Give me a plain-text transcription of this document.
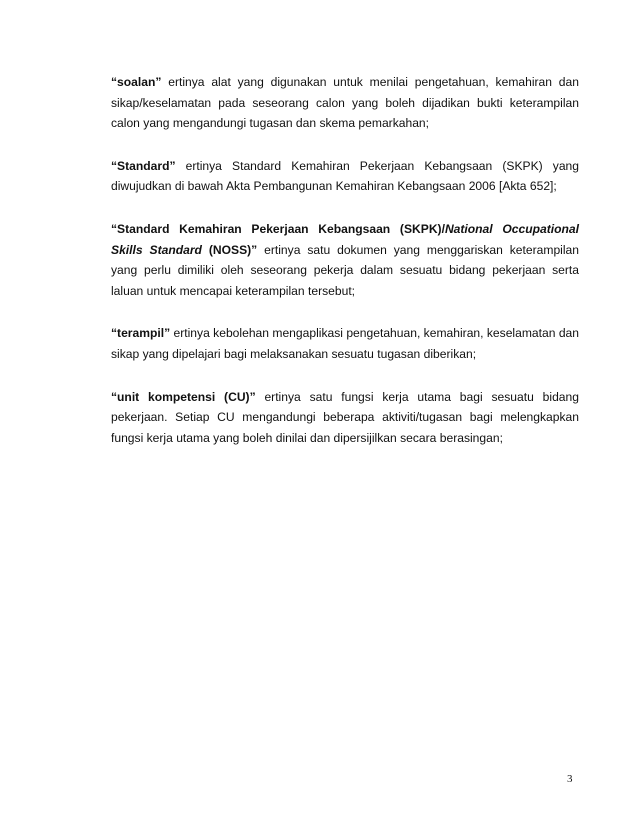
“soalan” ertinya alat yang digunakan untuk menilai pengetahuan, kemahiran dan sikap/keselamatan pada seseorang calon yang boleh dijadikan bukti keterampilan calon yang mengandungi tugasan dan skema pemarkahan;

“Standard” ertinya Standard Kemahiran Pekerjaan Kebangsaan (SKPK) yang diwujudkan di bawah Akta Pembangunan Kemahiran Kebangsaan 2006 [Akta 652];

“Standard Kemahiran Pekerjaan Kebangsaan (SKPK)/National Occupational Skills Standard (NOSS)” ertinya satu dokumen yang menggariskan keterampilan yang perlu dimiliki oleh seseorang pekerja dalam sesuatu bidang pekerjaan serta laluan untuk mencapai keterampilan tersebut;

“terampil” ertinya kebolehan mengaplikasi pengetahuan, kemahiran, keselamatan dan sikap yang dipelajari bagi melaksanakan sesuatu tugasan diberikan;

“unit kompetensi (CU)” ertinya satu fungsi kerja utama bagi sesuatu bidang pekerjaan. Setiap CU mengandungi beberapa aktiviti/tugasan bagi melengkapkan fungsi kerja utama yang boleh dinilai dan dipersijilkan secara berasingan;

3
